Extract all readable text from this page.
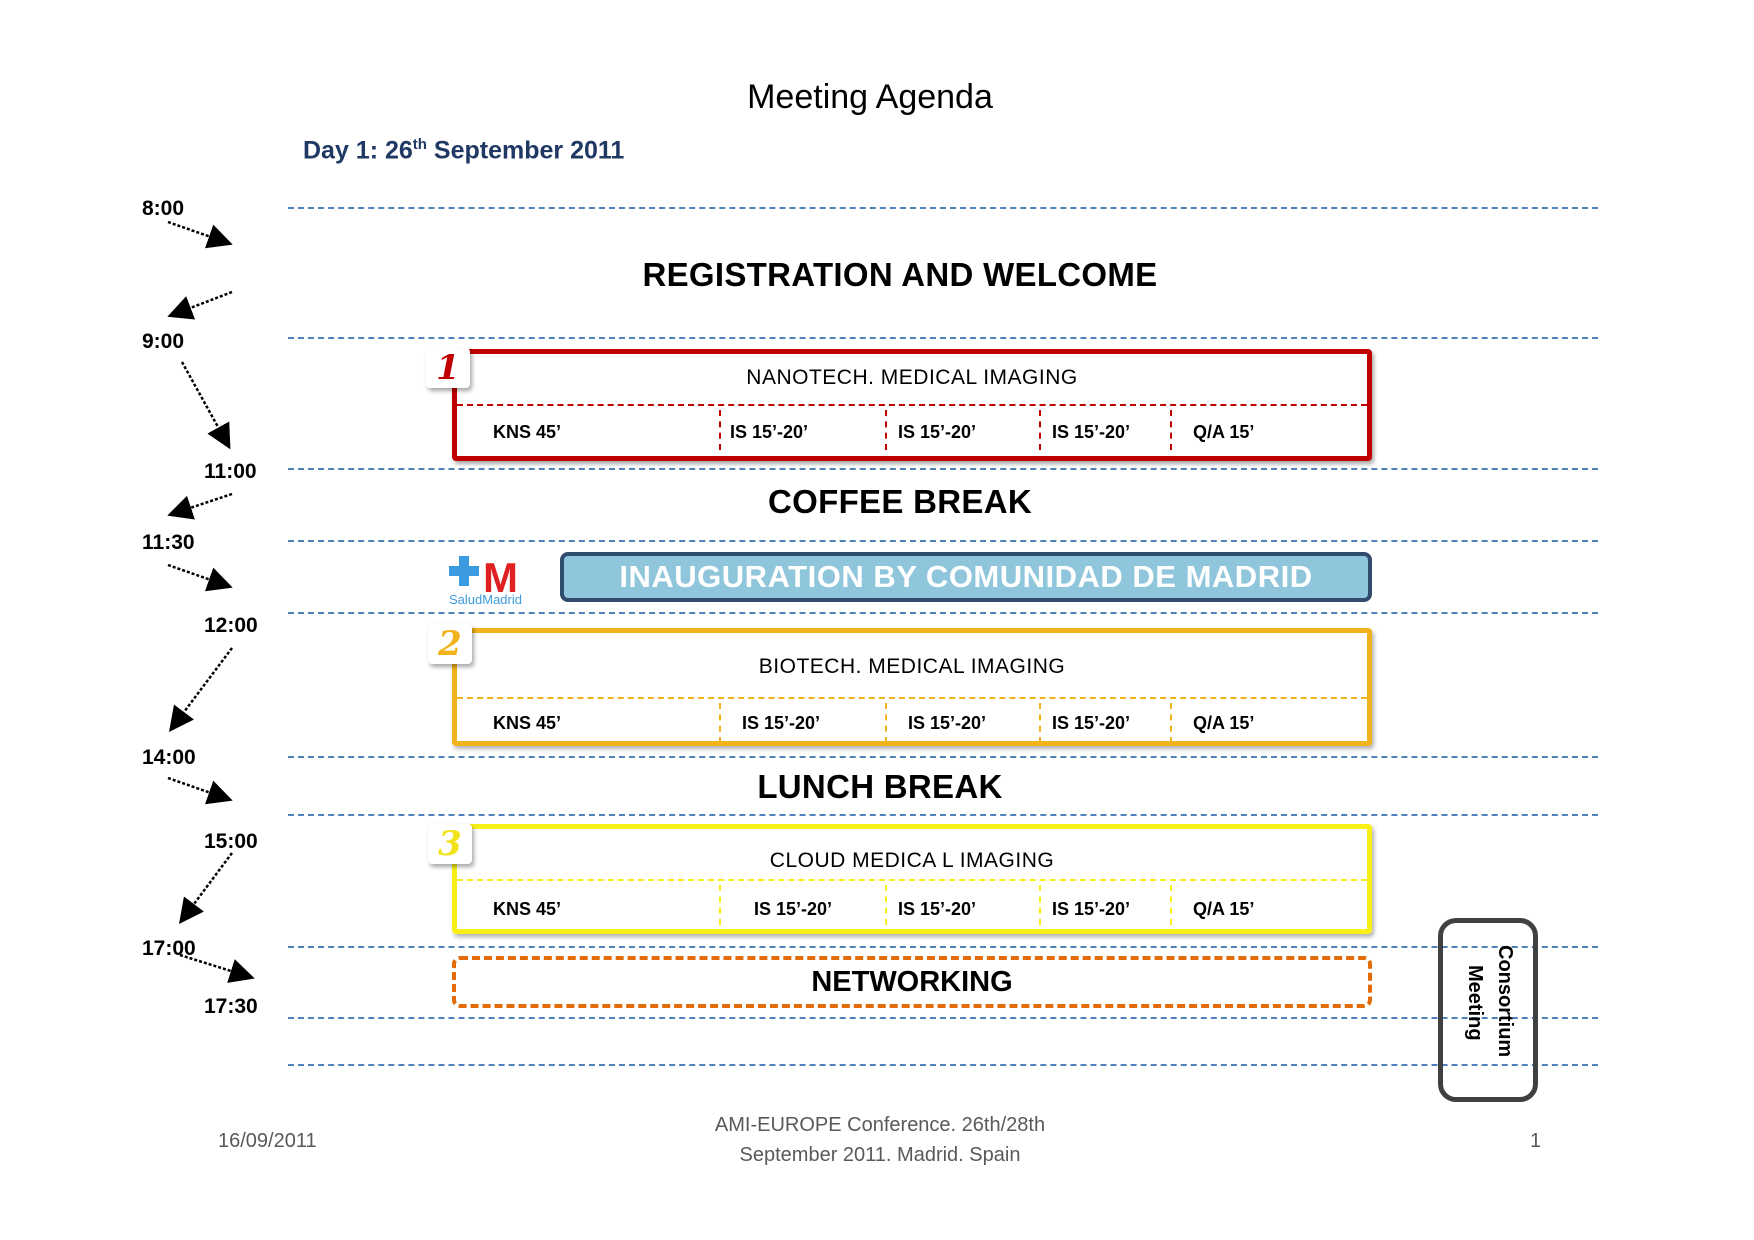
Meeting Agenda
Day 1: 26th September 2011
8:00
9:00
11:00
11:30
12:00
14:00
15:00
17:00
17:30
REGISTRATION AND WELCOME
NANOTECH. MEDICAL IMAGING
KNS 45’	IS 15’-20’	IS 15’-20’	IS 15’-20’	Q/A 15’
1
COFFEE BREAK
M
SaludMadrid
INAUGURATION BY COMUNIDAD DE MADRID
BIOTECH. MEDICAL IMAGING
KNS 45’	IS 15’-20’	IS 15’-20’	IS 15’-20’	Q/A 15’
2
LUNCH BREAK
CLOUD MEDICA L IMAGING
KNS 45’	IS 15’-20’	IS 15’-20’	IS 15’-20’	Q/A 15’
3
NETWORKING	Consortium
Meeting
16/09/2011
AMI-EUROPE Conference. 26th/28th
September 2011. Madrid. Spain
1
